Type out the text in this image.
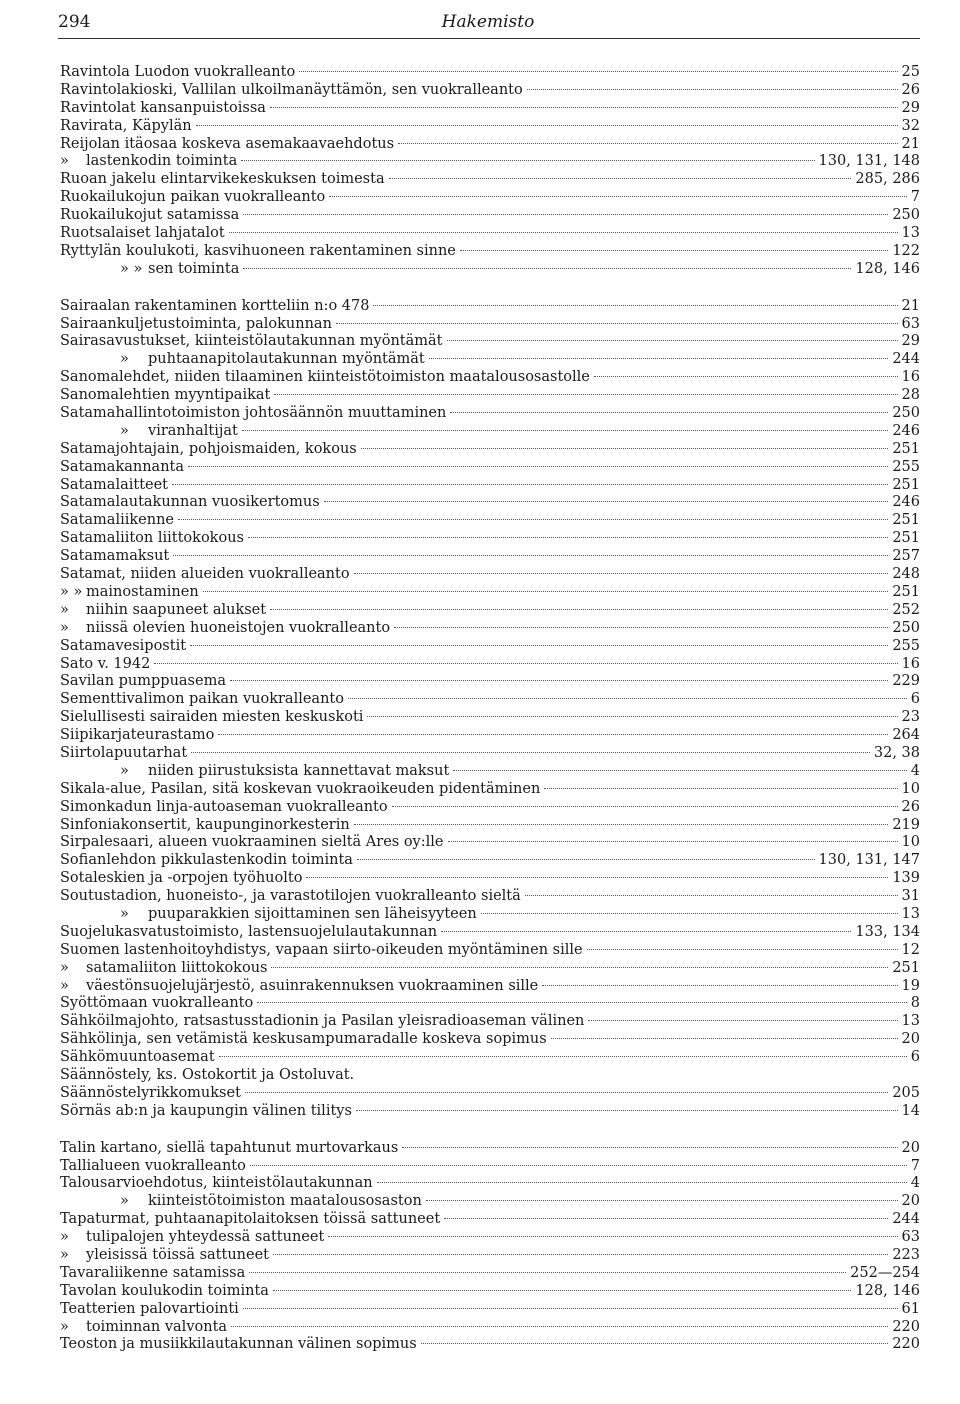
294	Hakemisto
Ravintola Luodon vuokralleanto	25
Ravintolakioski, Vallilan ulkoilmanäyttämön, sen vuokralleanto	26
Ravintolat kansanpuistoissa	29
Ravirata, Käpylän	32
Reijolan itäosaa koskeva asemakaavaehdotus	21
»	lastenkodin toiminta	130, 131, 148
Ruoan jakelu elintarvikekeskuksen toimesta	285, 286
Ruokailukojun paikan vuokralleanto	7
Ruokailukojut satamissa	250
Ruotsalaiset lahjatalot	13
Ryttylän koulukoti, kasvihuoneen rakentaminen sinne	122
» » sen toiminta	128, 146
Sairaalan rakentaminen kortteliin n:o 478	21
Sairaankuljetustoiminta, palokunnan	63
Sairasavustukset, kiinteistölautakunnan myöntämät	29
»	puhtaanapitolautakunnan myöntämät	244
Sanomalehdet, niiden tilaaminen kiinteistötoimiston maatalousosastolle	16
Sanomalehtien myyntipaikat	28
Satamahallintotoimiston johtosäännön muuttaminen	250
»	viranhaltijat	246
Satamajohtajain, pohjoismaiden, kokous	251
Satamakannanta	255
Satamalaitteet	251
Satamalautakunnan vuosikertomus	246
Satamaliikenne	251
Satamaliiton liittokokous	251
Satamamaksut	257
Satamat, niiden alueiden vuokralleanto	248
» » mainostaminen	251
»	niihin saapuneet alukset	252
»	niissä olevien huoneistojen vuokralleanto	250
Satamavesipostit	255
Sato v. 1942	16
Savilan pumppuasema	229
Sementtivalimon paikan vuokralleanto	6
Sielullisesti sairaiden miesten keskuskoti	23
Siipikarjateurastamo	264
Siirtolapuutarhat	32, 38
»	niiden piirustuksista kannettavat maksut	4
Sikala-alue, Pasilan, sitä koskevan vuokraoikeuden pidentäminen	10
Simonkadun linja-autoaseman vuokralleanto	26
Sinfoniakonsertit, kaupunginorkesterin	219
Sirpalesaari, alueen vuokraaminen sieltä Ares oy:lle	10
Sofianlehdon pikkulastenkodin toiminta	130, 131, 147
Sotaleskien ja -orpojen työhuolto	139
Soutustadion, huoneisto-, ja varastotilojen vuokralleanto sieltä	31
»	puuparakkien sijoittaminen sen läheisyyteen	13
Suojelukasvatustoimisto, lastensuojelulautakunnan	133, 134
Suomen lastenhoitoyhdistys, vapaan siirto-oikeuden myöntäminen sille	12
»	satamaliiton liittokokous	251
»	väestönsuojelujärjestö, asuinrakennuksen vuokraaminen sille	19
Syöttömaan vuokralleanto	8
Sähköilmajohto, ratsastusstadionin ja Pasilan yleisradioaseman välinen	13
Sähkölinja, sen vetämistä keskusampumaradalle koskeva sopimus	20
Sähkömuuntoasemat	6
Säännöstely, ks. Ostokortit ja Ostoluvat.
Säännöstelyrikkomukset	205
Sörnäs ab:n ja kaupungin välinen tilitys	14
Talin kartano, siellä tapahtunut murtovarkaus	20
Tallialueen vuokralleanto	7
Talousarvioehdotus, kiinteistölautakunnan	4
»	kiinteistötoimiston maatalousosaston	20
Tapaturmat, puhtaanapitolaitoksen töissä sattuneet	244
»	tulipalojen yhteydessä sattuneet	63
»	yleisissä töissä sattuneet	223
Tavaraliikenne satamissa	252—254
Tavolan koulukodin toiminta	128, 146
Teatterien palovartiointi	61
»	toiminnan valvonta	220
Teoston ja musiikkilautakunnan välinen sopimus	220
